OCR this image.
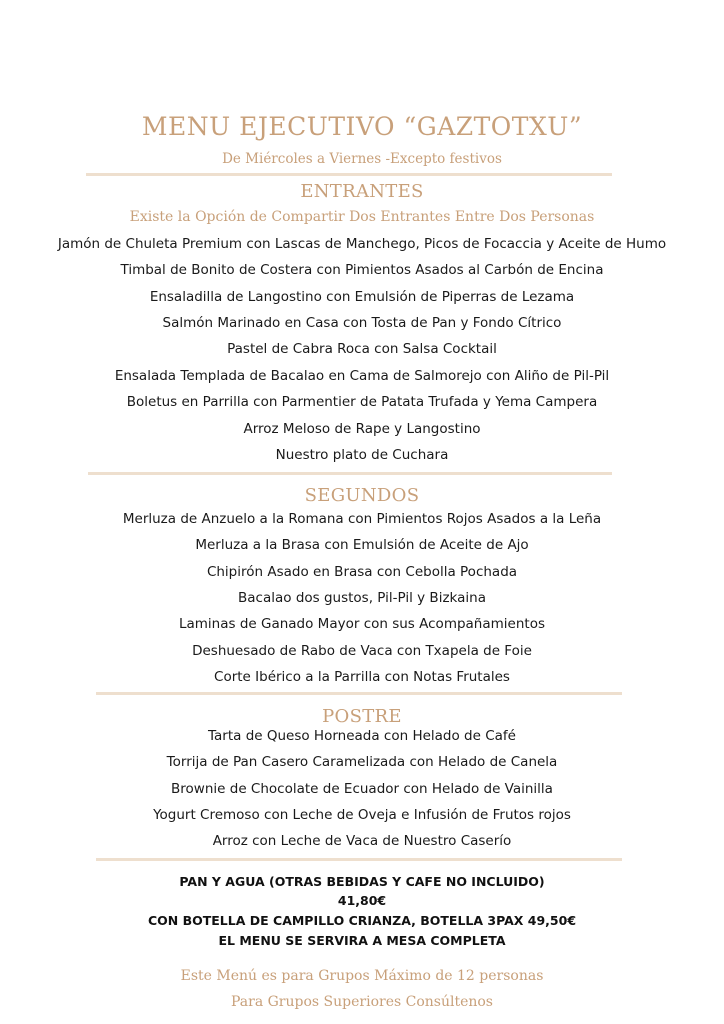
MENU EJECUTIVO “GAZTOTXU”
De Miércoles a Viernes -Excepto festivos
ENTRANTES
Existe la Opción de Compartir Dos Entrantes Entre Dos Personas
Jamón de Chuleta Premium con Lascas de Manchego, Picos de Focaccia y Aceite de Humo
Timbal de Bonito de Costera con Pimientos Asados al Carbón de Encina
Ensaladilla de Langostino con Emulsión de Piperras de Lezama
Salmón Marinado en Casa con Tosta de Pan y Fondo Cítrico
Pastel de Cabra Roca con Salsa Cocktail
Ensalada Templada de Bacalao en Cama de Salmorejo con Aliño de Pil-Pil
Boletus en Parrilla con Parmentier de Patata Trufada y Yema Campera
Arroz Meloso de Rape y Langostino
Nuestro plato de Cuchara
SEGUNDOS
Merluza de Anzuelo a la Romana con Pimientos Rojos Asados a la Leña
Merluza a la Brasa con Emulsión de Aceite de Ajo
Chipirón Asado en Brasa con Cebolla Pochada
Bacalao dos gustos, Pil-Pil y Bizkaina
Laminas de Ganado Mayor con sus Acompañamientos
Deshuesado de Rabo de Vaca con Txapela de Foie
Corte Ibérico a la Parrilla con Notas Frutales
POSTRE
Tarta de Queso Horneada con Helado de Café
Torrija de Pan Casero Caramelizada con Helado de Canela
Brownie de Chocolate de Ecuador con Helado de Vainilla
Yogurt Cremoso con Leche de Oveja e Infusión de Frutos rojos
Arroz con Leche de Vaca de Nuestro Caserío
PAN Y AGUA (OTRAS BEBIDAS Y CAFE NO INCLUIDO)
41,80€
CON BOTELLA DE CAMPILLO CRIANZA, BOTELLA 3PAX 49,50€
EL MENU SE SERVIRA A MESA COMPLETA
Este Menú es para Grupos Máximo de 12 personas
Para Grupos Superiores Consúltenos
